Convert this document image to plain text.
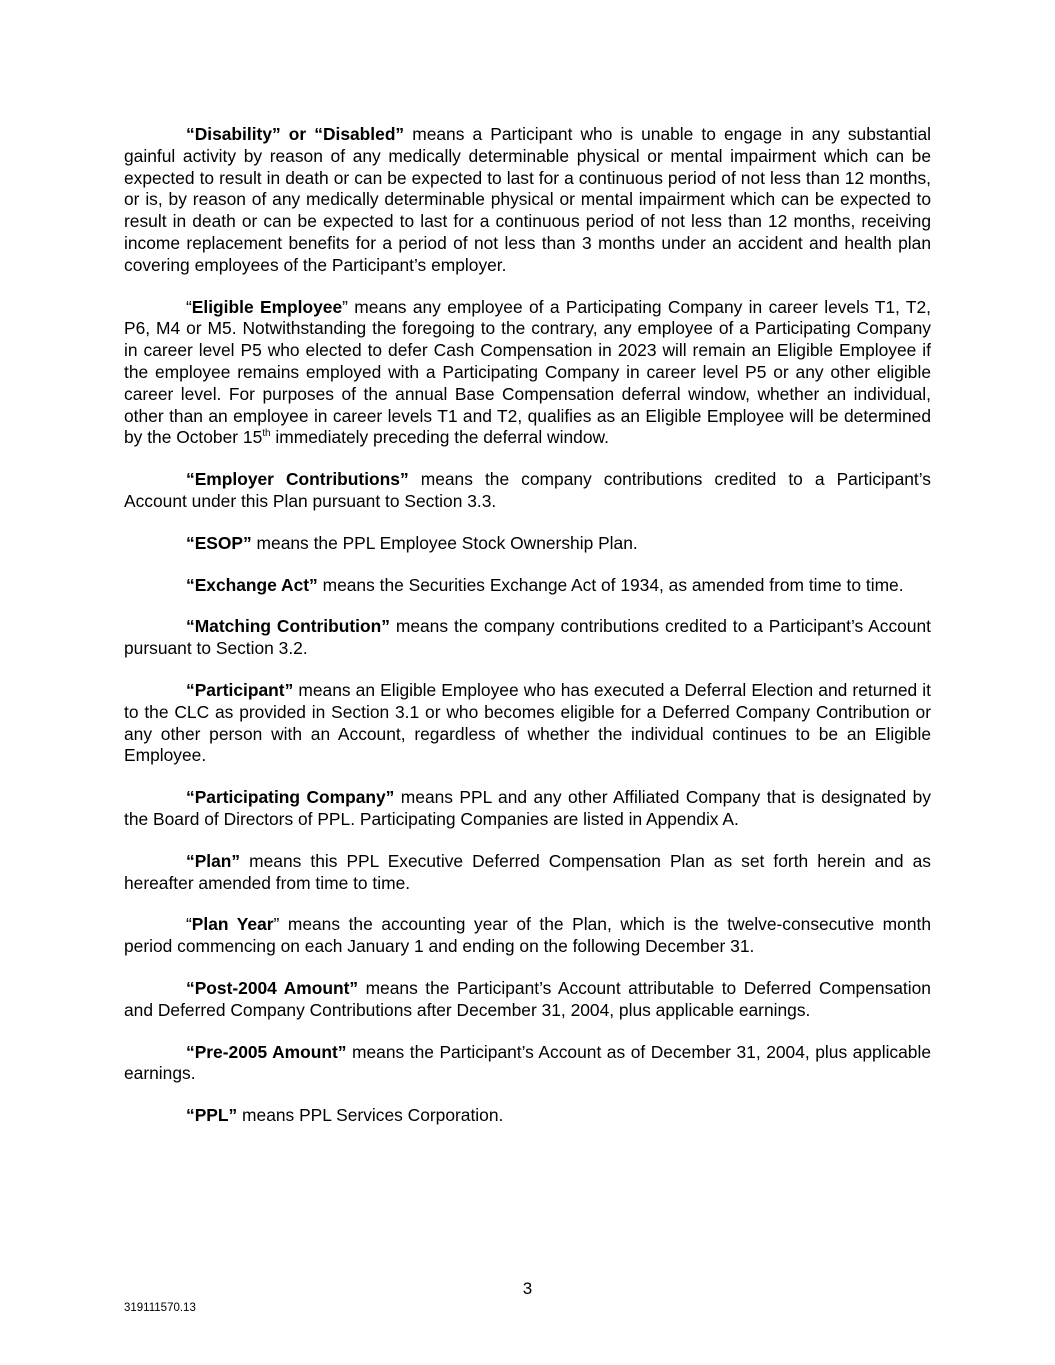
“Disability” or “Disabled” means a Participant who is unable to engage in any substantial gainful activity by reason of any medically determinable physical or mental impairment which can be expected to result in death or can be expected to last for a continuous period of not less than 12 months, or is, by reason of any medically determinable physical or mental impairment which can be expected to result in death or can be expected to last for a continuous period of not less than 12 months, receiving income replacement benefits for a period of not less than 3 months under an accident and health plan covering employees of the Participant’s employer.

“Eligible Employee” means any employee of a Participating Company in career levels T1, T2, P6, M4 or M5. Notwithstanding the foregoing to the contrary, any employee of a Participating Company in career level P5 who elected to defer Cash Compensation in 2023 will remain an Eligible Employee if the employee remains employed with a Participating Company in career level P5 or any other eligible career level. For purposes of the annual Base Compensation deferral window, whether an individual, other than an employee in career levels T1 and T2, qualifies as an Eligible Employee will be determined by the October 15th immediately preceding the deferral window.

“Employer Contributions” means the company contributions credited to a Participant’s Account under this Plan pursuant to Section 3.3.

“ESOP” means the PPL Employee Stock Ownership Plan.

“Exchange Act” means the Securities Exchange Act of 1934, as amended from time to time.

“Matching Contribution” means the company contributions credited to a Participant’s Account pursuant to Section 3.2.

“Participant” means an Eligible Employee who has executed a Deferral Election and returned it to the CLC as provided in Section 3.1 or who becomes eligible for a Deferred Company Contribution or any other person with an Account, regardless of whether the individual continues to be an Eligible Employee.

“Participating Company” means PPL and any other Affiliated Company that is designated by the Board of Directors of PPL. Participating Companies are listed in Appendix A.

“Plan” means this PPL Executive Deferred Compensation Plan as set forth herein and as hereafter amended from time to time.

“Plan Year” means the accounting year of the Plan, which is the twelve-consecutive month period commencing on each January 1 and ending on the following December 31.

“Post-2004 Amount” means the Participant’s Account attributable to Deferred Compensation and Deferred Company Contributions after December 31, 2004, plus applicable earnings.

“Pre-2005 Amount” means the Participant’s Account as of December 31, 2004, plus applicable earnings.

“PPL” means PPL Services Corporation.

3
319111570.13
